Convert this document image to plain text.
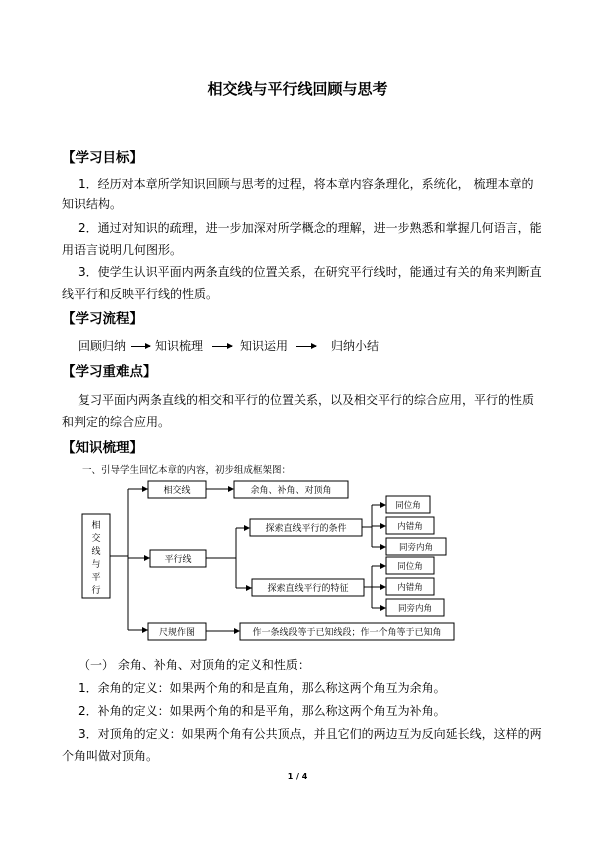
相交线与平行线回顾与思考
【学习目标】
1．经历对本章所学知识回顾与思考的过程，将本章内容条理化，系统化， 梳理本章的
知识结构。
2．通过对知识的疏理，进一步加深对所学概念的理解，进一步熟悉和掌握几何语言，能
用语言说明几何图形。
3．使学生认识平面内两条直线的位置关系，在研究平行线时，能通过有关的角来判断直
线平行和反映平行线的性质。
【学习流程】
回顾归纳 知识梳理	知识运用	归纳小结
【学习重难点】
复习平面内两条直线的相交和平行的位置关系，以及相交平行的综合应用，平行的性质
和判定的综合应用。
【知识梳理】
一、引导学生回忆本章的内容，初步组成框架图：
相
交
线
与
平
行
相交线
平行线
尺规作图
余角、补角、对顶角
探索直线平行的条件
探索直线平行的特征
同位角
内错角
同旁内角
同位角
内错角
同旁内角
作一条线段等于已知线段；作一个角等于已知角
（一） 余角、补角、对顶角的定义和性质：
1．余角的定义：如果两个角的和是直角，那么称这两个角互为余角。
2．补角的定义：如果两个角的和是平角，那么称这两个角互为补角。
3．对顶角的定义：如果两个角有公共顶点，并且它们的两边互为反向延长线，这样的两
个角叫做对顶角。
1 / 4
